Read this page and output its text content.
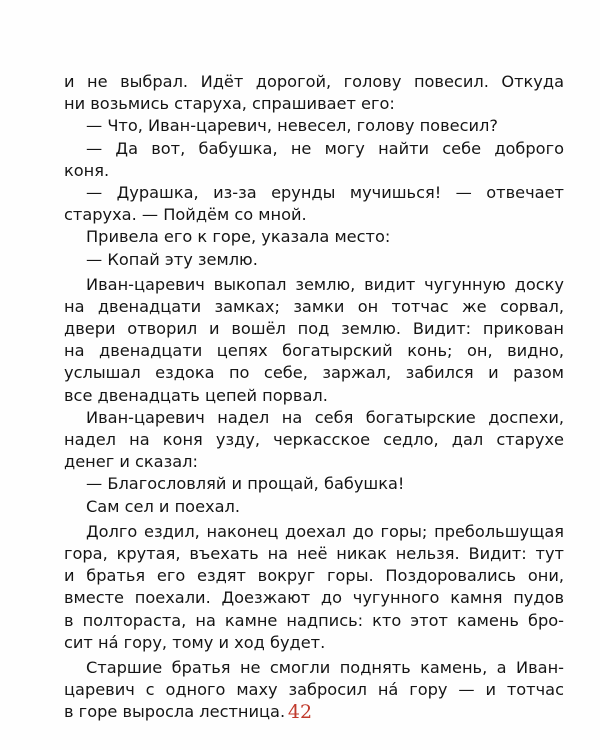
и не выбрал. Идёт дорогой, голову повесил. Откуда
ни возьмись старуха, спрашивает его:
— Что, Иван-царевич, невесел, голову повесил?
— Да вот, бабушка, не могу найти себе доброго
коня.
— Дурашка, из-за ерунды мучишься! — отвечает
старуха. — Пойдём со мной.
Привела его к горе, указала место:
— Копай эту землю.
Иван-царевич выкопал землю, видит чугунную доску
на двенадцати замках; замки он тотчас же сорвал,
двери отворил и вошёл под землю. Видит: прикован
на двенадцати цепях богатырский конь; он, видно,
услышал ездока по себе, заржал, забился и разом
все двенадцать цепей порвал.
Иван-царевич надел на себя богатырские доспехи,
надел на коня узду, черкасское седло, дал старухе
денег и сказал:
— Благословляй и прощай, бабушка!
Сам сел и поехал.
Долго ездил, наконец доехал до горы; пребольшущая
гора, крутая, въехать на неё никак нельзя. Видит: тут
и братья его ездят вокруг горы. Поздоровались они,
вместе поехали. Доезжают до чугунного камня пудов
в полтораста, на камне надпись: кто этот камень бро-
сит на́ гору, тому и ход будет.
Старшие братья не смогли поднять камень, а Иван-
царевич с одного маху забросил на́ гору — и тотчас
в горе выросла лестница. 42
